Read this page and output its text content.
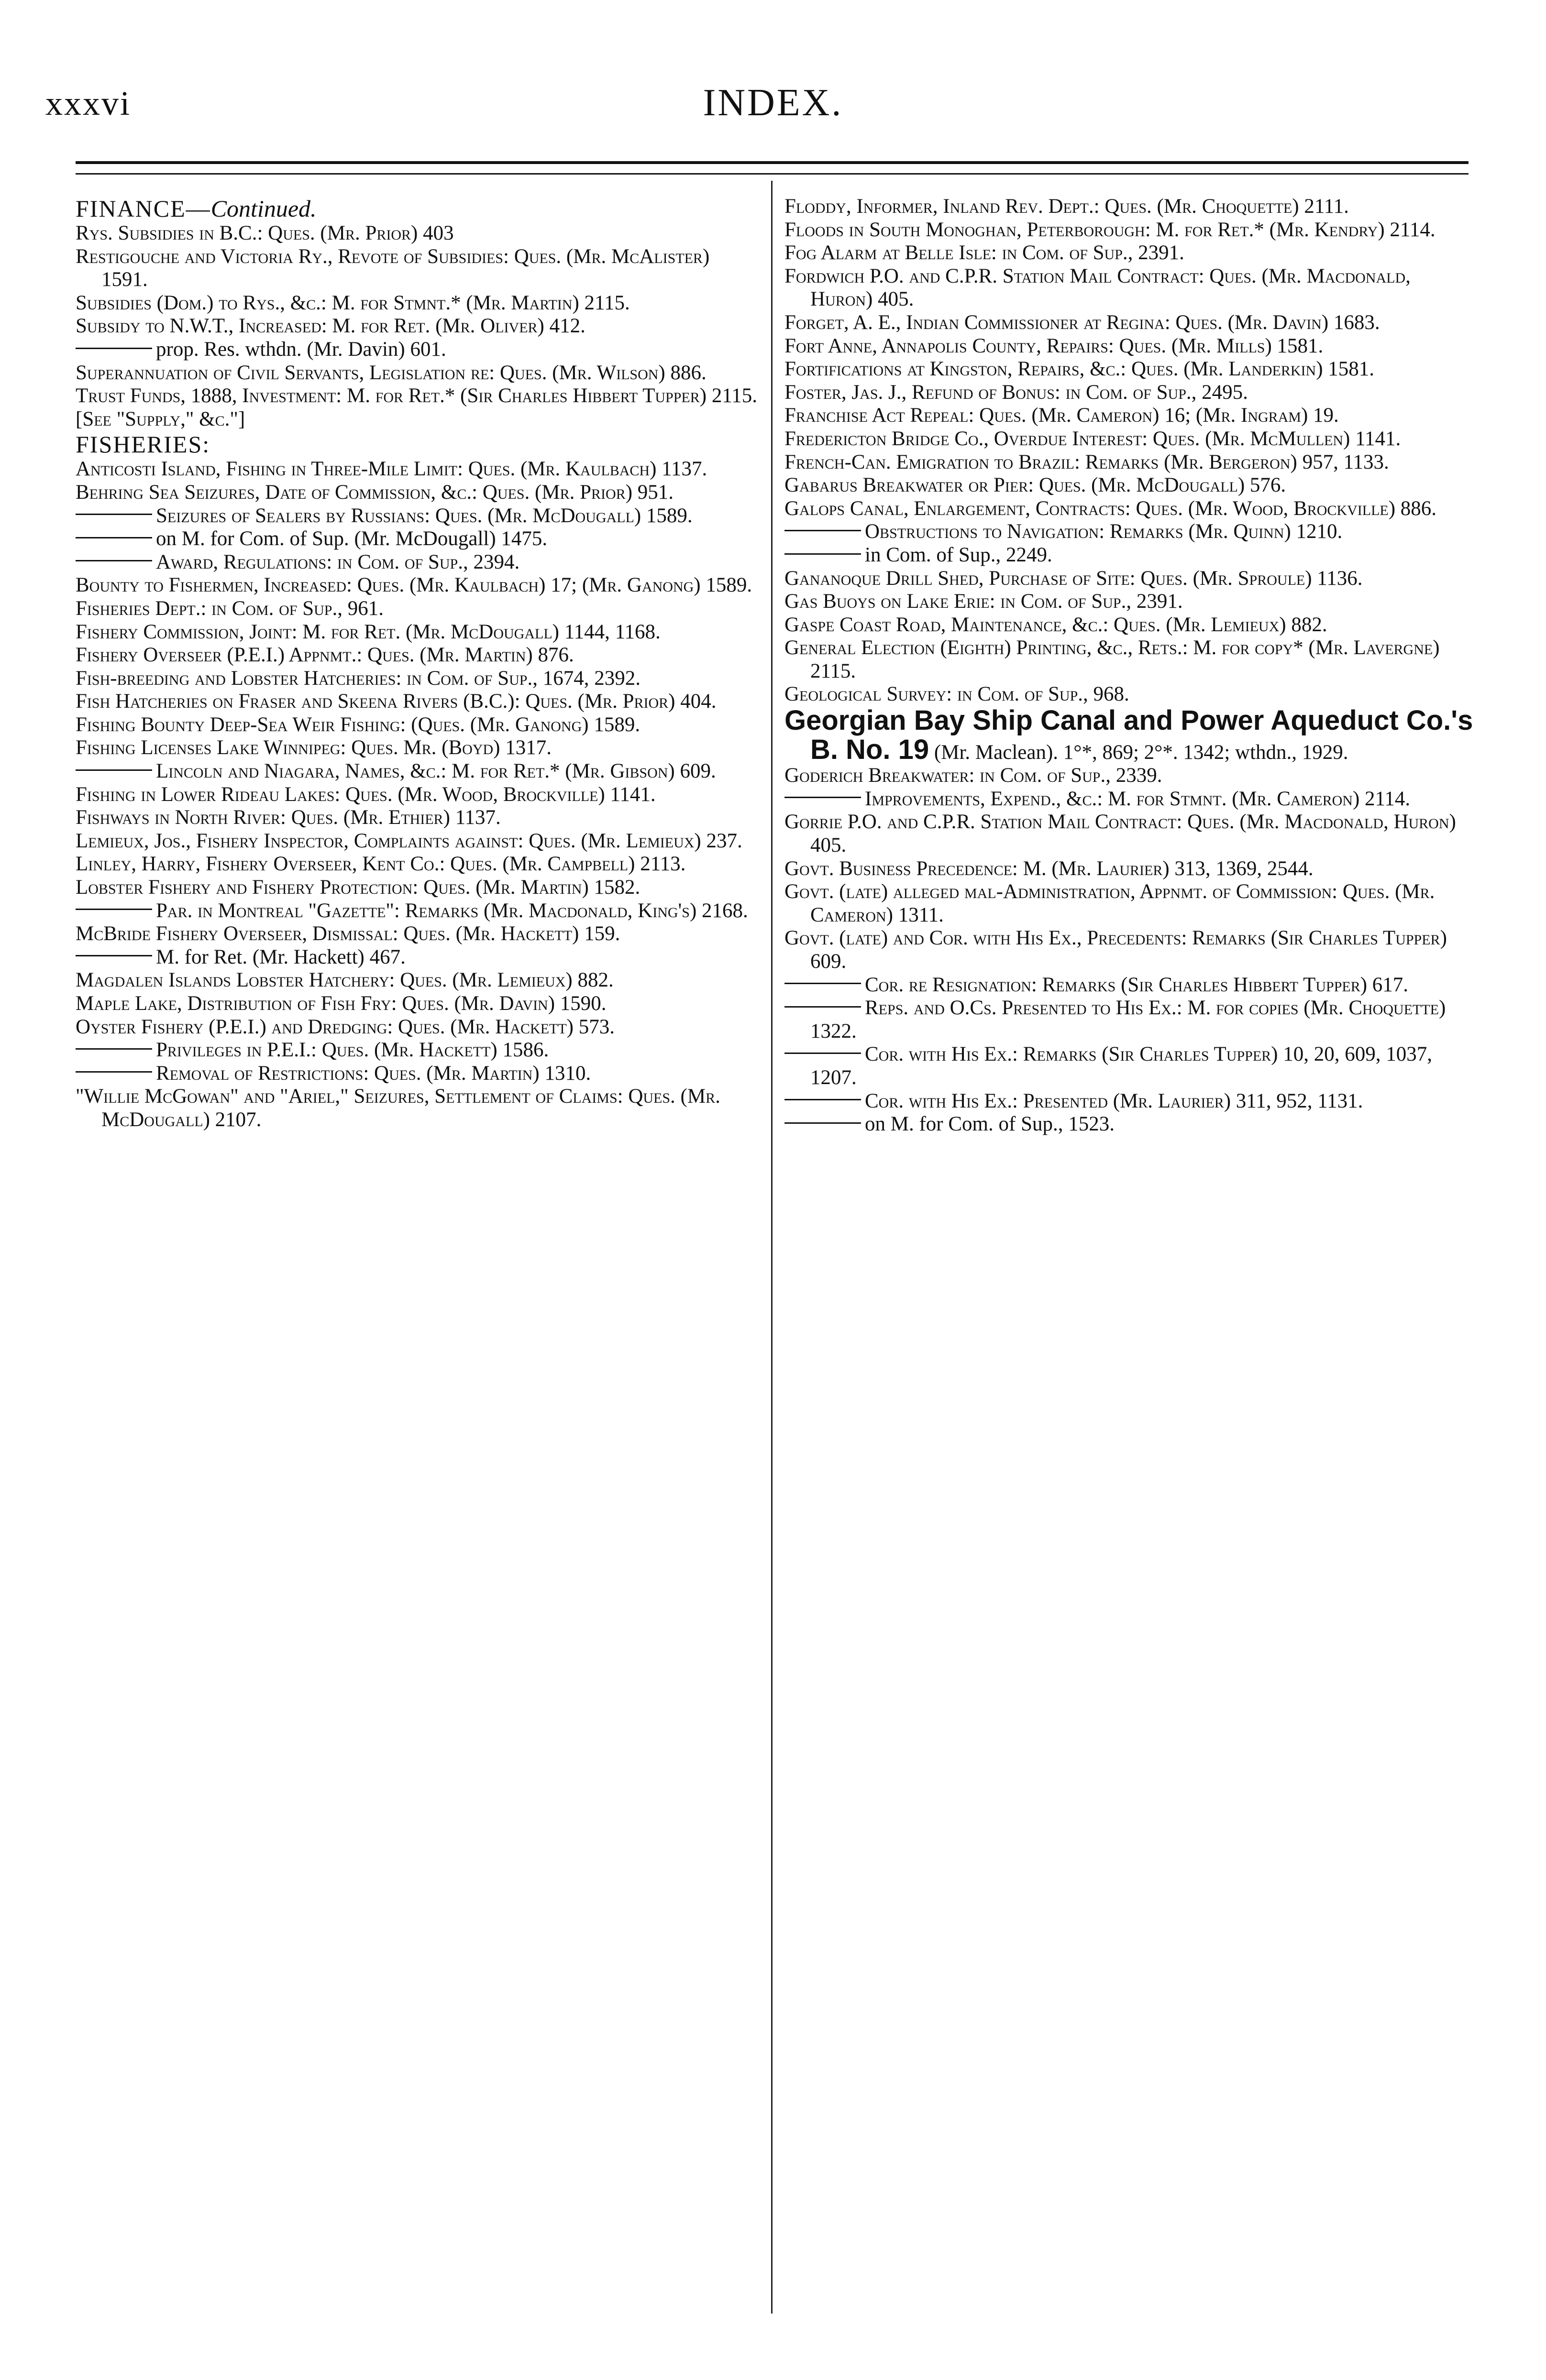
xxxvi	INDEX.
FINANCE—Continued.
Rys. Subsidies in B.C.: Ques. (Mr. Prior) 403
Restigouche and Victoria Ry., Revote of Subsidies: Ques. (Mr. McAlister) 1591.
Subsidies (Dom.) to Rys., &c.: M. for Stmnt.* (Mr. Martin) 2115.
Subsidy to N.W.T., Increased: M. for Ret. (Mr. Oliver) 412.
prop. Res. wthdn. (Mr. Davin) 601.
Superannuation of Civil Servants, Legislation re: Ques. (Mr. Wilson) 886.
Trust Funds, 1888, Investment: M. for Ret.* (Sir Charles Hibbert Tupper) 2115.
[See "Supply," &c."]
FISHERIES:
Anticosti Island, Fishing in Three-Mile Limit: Ques. (Mr. Kaulbach) 1137.
Behring Sea Seizures, Date of Commission, &c.: Ques. (Mr. Prior) 951.
Seizures of Sealers by Russians: Ques. (Mr. McDougall) 1589.
on M. for Com. of Sup. (Mr. McDougall) 1475.
Award, Regulations: in Com. of Sup., 2394.
Bounty to Fishermen, Increased: Ques. (Mr. Kaulbach) 17; (Mr. Ganong) 1589.
Fisheries Dept.: in Com. of Sup., 961.
Fishery Commission, Joint: M. for Ret. (Mr. McDougall) 1144, 1168.
Fishery Overseer (P.E.I.) Appnmt.: Ques. (Mr. Martin) 876.
Fish-breeding and Lobster Hatcheries: in Com. of Sup., 1674, 2392.
Fish Hatcheries on Fraser and Skeena Rivers (B.C.): Ques. (Mr. Prior) 404.
Fishing Bounty Deep-Sea Weir Fishing: (Ques. (Mr. Ganong) 1589.
Fishing Licenses Lake Winnipeg: Ques. Mr. (Boyd) 1317.
Lincoln and Niagara, Names, &c.: M. for Ret.* (Mr. Gibson) 609.
Fishing in Lower Rideau Lakes: Ques. (Mr. Wood, Brockville) 1141.
Fishways in North River: Ques. (Mr. Ethier) 1137.
Lemieux, Jos., Fishery Inspector, Complaints against: Ques. (Mr. Lemieux) 237.
Linley, Harry, Fishery Overseer, Kent Co.: Ques. (Mr. Campbell) 2113.
Lobster Fishery and Fishery Protection: Ques. (Mr. Martin) 1582.
Par. in Montreal "Gazette": Remarks (Mr. Macdonald, King's) 2168.
McBride Fishery Overseer, Dismissal: Ques. (Mr. Hackett) 159.
M. for Ret. (Mr. Hackett) 467.
Magdalen Islands Lobster Hatchery: Ques. (Mr. Lemieux) 882.
Maple Lake, Distribution of Fish Fry: Ques. (Mr. Davin) 1590.
Oyster Fishery (P.E.I.) and Dredging: Ques. (Mr. Hackett) 573.
Privileges in P.E.I.: Ques. (Mr. Hackett) 1586.
Removal of Restrictions: Ques. (Mr. Martin) 1310.
"Willie McGowan" and "Ariel," Seizures, Settlement of Claims: Ques. (Mr. McDougall) 2107.
Floddy, Informer, Inland Rev. Dept.: Ques. (Mr. Choquette) 2111.
Floods in South Monoghan, Peterborough: M. for Ret.* (Mr. Kendry) 2114.
Fog Alarm at Belle Isle: in Com. of Sup., 2391.
Fordwich P.O. and C.P.R. Station Mail Contract: Ques. (Mr. Macdonald, Huron) 405.
Forget, A. E., Indian Commissioner at Regina: Ques. (Mr. Davin) 1683.
Fort Anne, Annapolis County, Repairs: Ques. (Mr. Mills) 1581.
Fortifications at Kingston, Repairs, &c.: Ques. (Mr. Landerkin) 1581.
Foster, Jas. J., Refund of Bonus: in Com. of Sup., 2495.
Franchise Act Repeal: Ques. (Mr. Cameron) 16; (Mr. Ingram) 19.
Fredericton Bridge Co., Overdue Interest: Ques. (Mr. McMullen) 1141.
French-Can. Emigration to Brazil: Remarks (Mr. Bergeron) 957, 1133.
Gabarus Breakwater or Pier: Ques. (Mr. McDougall) 576.
Galops Canal, Enlargement, Contracts: Ques. (Mr. Wood, Brockville) 886.
Obstructions to Navigation: Remarks (Mr. Quinn) 1210.
in Com. of Sup., 2249.
Gananoque Drill Shed, Purchase of Site: Ques. (Mr. Sproule) 1136.
Gas Buoys on Lake Erie: in Com. of Sup., 2391.
Gaspe Coast Road, Maintenance, &c.: Ques. (Mr. Lemieux) 882.
General Election (Eighth) Printing, &c., Rets.: M. for copy* (Mr. Lavergne) 2115.
Geological Survey: in Com. of Sup., 968.
Georgian Bay Ship Canal and Power Aqueduct Co.'s B. No. 19 (Mr. Maclean). 1°*, 869; 2°*. 1342; wthdn., 1929.
Goderich Breakwater: in Com. of Sup., 2339.
Improvements, Expend., &c.: M. for Stmnt. (Mr. Cameron) 2114.
Gorrie P.O. and C.P.R. Station Mail Contract: Ques. (Mr. Macdonald, Huron) 405.
Govt. Business Precedence: M. (Mr. Laurier) 313, 1369, 2544.
Govt. (late) alleged mal-Administration, Appnmt. of Commission: Ques. (Mr. Cameron) 1311.
Govt. (late) and Cor. with His Ex., Precedents: Remarks (Sir Charles Tupper) 609.
Cor. re Resignation: Remarks (Sir Charles Hibbert Tupper) 617.
Reps. and O.Cs. Presented to His Ex.: M. for copies (Mr. Choquette) 1322.
Cor. with His Ex.: Remarks (Sir Charles Tupper) 10, 20, 609, 1037, 1207.
Cor. with His Ex.: Presented (Mr. Laurier) 311, 952, 1131.
on M. for Com. of Sup., 1523.
